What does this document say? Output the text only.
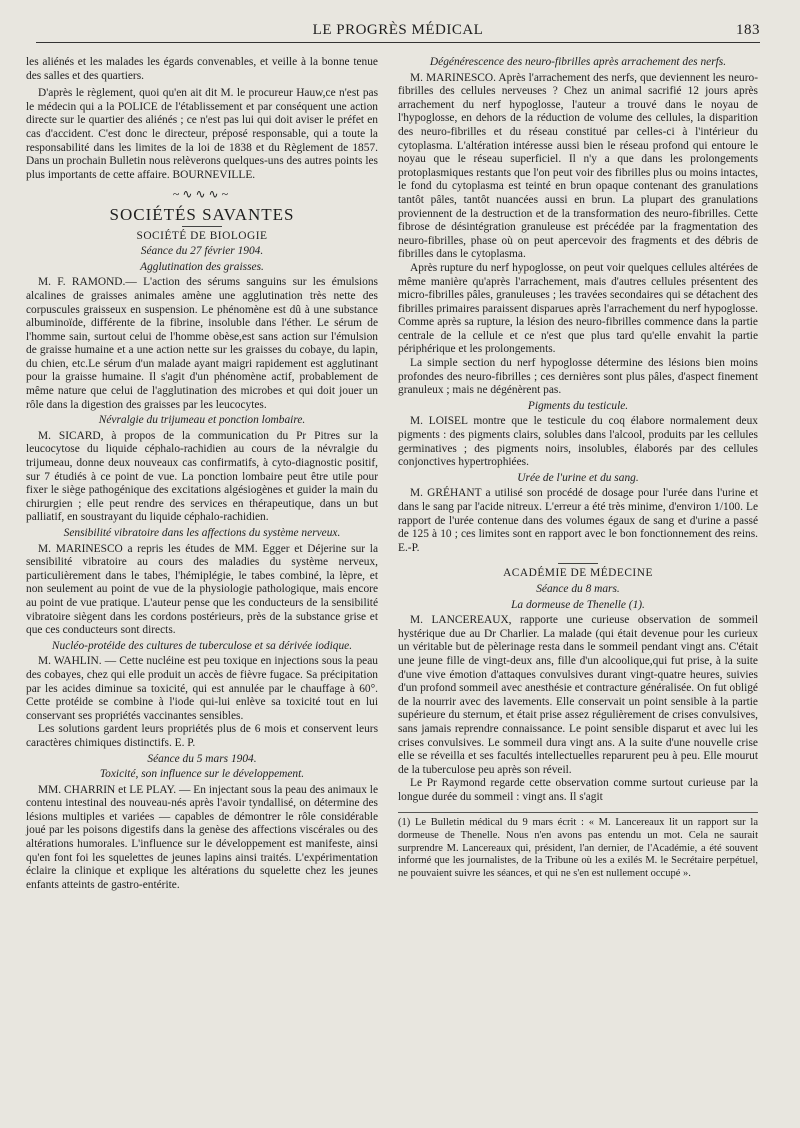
LE PROGRÈS MÉDICAL	183

les aliénés et les malades les égards convenables, et veille à la bonne tenue des salles et des quartiers.

D'après le règlement, quoi qu'en ait dit M. le procureur Hauw,ce n'est pas le médecin qui a la POLICE de l'établissement et par conséquent une action directe sur le quartier des aliénés ; ce n'est pas lui qui doit aviser le préfet en cas d'accident. C'est donc le directeur, préposé responsable, qui a toute la responsabilité dans les limites de la loi de 1838 et du Règlement de 1857. Dans un prochain Bulletin nous relèverons quelques-uns des autres points les plus importants de cette affaire. BOURNEVILLE.

~∿∿∿~
SOCIÉTÉS SAVANTES
SOCIÉTÉ DE BIOLOGIE
Séance du 27 février 1904.
Agglutination des graisses.

M. F. RAMOND.— L'action des sérums sanguins sur les émulsions alcalines de graisses animales amène une agglutination très nette des corpuscules graisseux en suspension. Le phénomène est dû à une substance albuminoïde, différente de la fibrine, insoluble dans l'éther. Le sérum de l'homme sain, surtout celui de l'homme obèse,est sans action sur l'émulsion de graisse humaine et a une action nette sur les graisses du cobaye, du lapin, du chien, etc.Le sérum d'un malade ayant maigri rapidement est agglutinant pour la graisse humaine. Il s'agit d'un phénomène actif, probablement de même nature que celui de l'agglutination des microbes et qui doit jouer un rôle dans la digestion des graisses par les leucocytes.

Névralgie du trijumeau et ponction lombaire.

M. SICARD, à propos de la communication du Pr Pitres sur la leucocytose du liquide céphalo-rachidien au cours de la névralgie du trijumeau, donne deux nouveaux cas confirmatifs, à cyto-diagnostic positif, sur 7 étudiés à ce point de vue. La ponction lombaire peut être utile pour fixer le siège pathogénique des excitations algésiogènes et guider la main du chirurgien ; elle peut rendre des services en thérapeutique, dans un but palliatif, en soustrayant du liquide céphalo-rachidien.

Sensibilité vibratoire dans les affections du système nerveux.

M. MARINESCO a repris les études de MM. Egger et Déjerine sur la sensibilité vibratoire au cours des maladies du système nerveux, particulièrement dans le tabes, l'hémiplégie, le tabes combiné, la lèpre, et non seulement au point de vue de la physiologie pathologique, mais encore au point de vue pratique. L'auteur pense que les conducteurs de la sensibilité vibratoire siègent dans les cordons postérieurs, près de la substance grise et que ces conducteurs sont directs.

Nucléo-protéide des cultures de tuberculose et sa dérivée iodique.

M. WAHLIN. — Cette nucléine est peu toxique en injections sous la peau des cobayes, chez qui elle produit un accès de fièvre fugace. Sa précipitation par les acides diminue sa toxicité, qui est annulée par le chauffage à 60°. Cette protéide se combine à l'iode qui-lui enlève sa toxicité tout en lui conservant ses propriétés vaccinantes sensibles.

Les solutions gardent leurs propriétés plus de 6 mois et conservent leurs caractères chimiques distinctifs. E. P.

Séance du 5 mars 1904.
Toxicité, son influence sur le développement.

MM. CHARRIN et LE PLAY. — En injectant sous la peau des animaux le contenu intestinal des nouveau-nés après l'avoir tyndallisé, on détermine des lésions multiples et variées — capables de démontrer le rôle considérable joué par les poisons digestifs dans la genèse des affections viscérales ou des altérations humorales. L'influence sur le développement est manifeste, ainsi qu'en font foi les squelettes de jeunes lapins ainsi traités. L'expérimentation éclaire la clinique et explique les altérations du squelette chez les jeunes enfants atteints de gastro-entérite.

Dégénérescence des neuro-fibrilles après arrachement des nerfs.

M. MARINESCO. Après l'arrachement des nerfs, que deviennent les neuro-fibrilles des cellules nerveuses ? Chez un animal sacrifié 12 jours après arrachement du nerf hypoglosse, l'auteur a trouvé dans le noyau de l'hypoglosse, en dehors de la réduction de volume des cellules, la disparition des neuro-fibrilles et du réseau constitué par celles-ci à l'intérieur du cytoplasma. L'altération intéresse aussi bien le réseau profond qui entoure le noyau que le réseau superficiel. Il n'y a que dans les prolongements protoplasmiques restants que l'on peut voir des fibrilles plus ou moins intactes, le fond du cytoplasma est teinté en brun opaque contenant des granulations tantôt pâles, tantôt nuancées aussi en brun. La plupart des granulations proviennent de la destruction et de la transformation des neuro-fibrilles. Cette fibrose de désintégration granuleuse est précédée par la fragmentation des neuro-fibrilles, phase où on peut apercevoir des fragments et des débris de fibrilles dans le cytoplasma.

Après rupture du nerf hypoglosse, on peut voir quelques cellules altérées de même manière qu'après l'arrachement, mais d'autres cellules présentent des micro-fibrilles pâles, granuleuses ; les travées secondaires qui se détachent des fibrilles primaires paraissent disparues après l'arrachement du nerf hypoglosse. Comme après sa rupture, la lésion des neuro-fibrilles commence dans la partie centrale de la cellule et ce n'est que plus tard qu'elle envahit la partie périphérique et les prolongements.

La simple section du nerf hypoglosse détermine des lésions bien moins profondes des neuro-fibrilles ; ces dernières sont plus pâles, d'aspect finement granuleux ; mais ne dégénèrent pas.

Pigments du testicule.

M. LOISEL montre que le testicule du coq élabore normalement deux pigments : des pigments clairs, solubles dans l'alcool, produits par les cellules germinatives ; des pigments noirs, insolubles, élaborés par des cellules conjonctives hypertrophiées.

Urée de l'urine et du sang.

M. GRÉHANT a utilisé son procédé de dosage pour l'urée dans l'urine et dans le sang par l'acide nitreux. L'erreur a été très minime, d'environ 1/100. Le rapport de l'urée contenue dans des volumes égaux de sang et d'urine a passé de 125 à 10 ; ces limites sont en rapport avec le bon fonctionnement des reins. E.-P.

ACADÉMIE DE MÉDECINE
Séance du 8 mars.
La dormeuse de Thenelle (1).

M. LANCEREAUX, rapporte une curieuse observation de sommeil hystérique due au Dr Charlier. La malade (qui était devenue pour les curieux un véritable but de pèlerinage resta dans le sommeil pendant vingt ans. C'était une jeune fille de vingt-deux ans, fille d'un alcoolique,qui fut prise, à la suite d'une vive émotion d'attaques convulsives durant vingt-quatre heures, suivies d'un profond sommeil avec anesthésie et contracture généralisée. On fut obligé de la nourrir avec des lavements. Elle conservait un point sensible à la partie supérieure du sternum, et était prise assez régulièrement de crises convulsives, sans jamais reprendre connaissance. Le point sensible disparut et avec lui les crises convulsives. Le sommeil dura vingt ans. A la suite d'une nouvelle crise elle se réveilla et ses facultés intellectuelles reparurent peu à peu. Elle mourut de la tuberculose peu après son réveil.

Le Pr Raymond regarde cette observation comme surtout curieuse par la longue durée du sommeil : vingt ans. Il s'agit

(1) Le Bulletin médical du 9 mars écrit : « M. Lancereaux lit un rapport sur la dormeuse de Thenelle. Nous n'en avons pas entendu un mot. Cela ne saurait surprendre M. Lancereaux qui, président, l'an dernier, de l'Académie, a été souvent informé que les journalistes, de la Tribune où les a exilés M. le Secrétaire perpétuel, ne pouvaient suivre les séances, et qui ne s'en est nullement occupé ».
